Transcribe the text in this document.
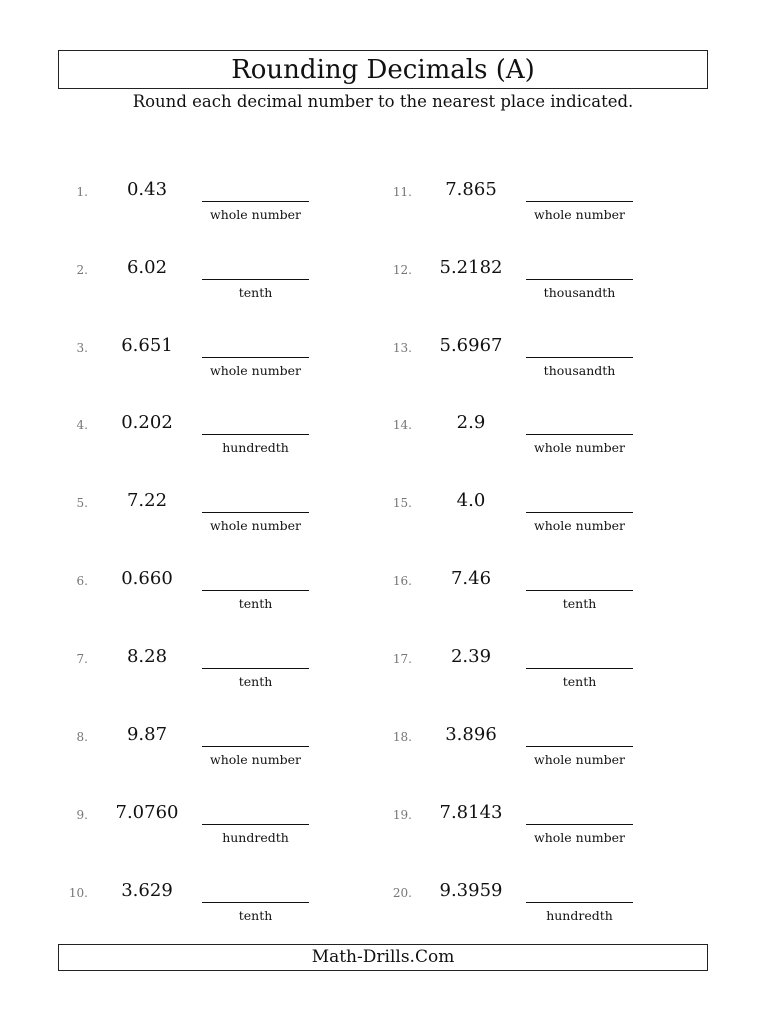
Rounding Decimals (A)
Round each decimal number to the nearest place indicated.
1.	0.43
whole number
2.	6.02
tenth
3.	6.651
whole number
4.	0.202
hundredth
5.	7.22
whole number
6.	0.660
tenth
7.	8.28
tenth
8.	9.87
whole number
9.	7.0760
hundredth
10.	3.629
tenth
11.	7.865
whole number
12.	5.2182
thousandth
13.	5.6967
thousandth
14.	2.9
whole number
15.	4.0
whole number
16.	7.46
tenth
17.	2.39
tenth
18.	3.896
whole number
19.	7.8143
whole number
20.	9.3959
hundredth
Math-Drills.Com
